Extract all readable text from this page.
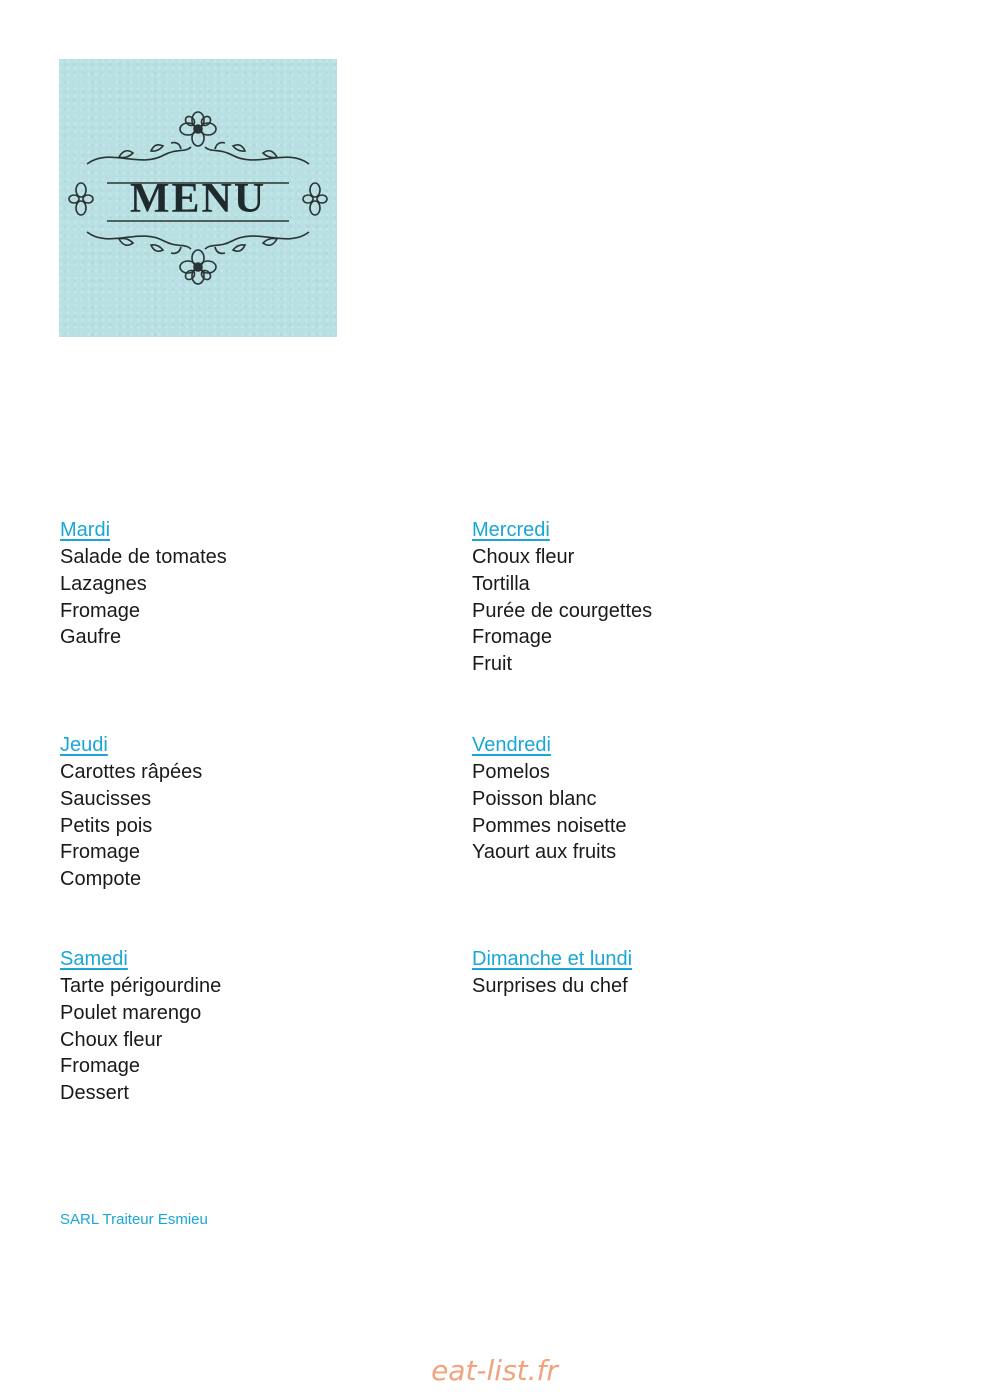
MENU
Mardi
Salade de tomates
Lazagnes
Fromage
Gaufre
Mercredi
Choux fleur
Tortilla
Purée de courgettes
Fromage
Fruit
Jeudi
Carottes râpées
Saucisses
Petits pois
Fromage
Compote
Vendredi
Pomelos
Poisson blanc
Pommes noisette
Yaourt aux fruits
Samedi
Tarte périgourdine
Poulet marengo
Choux fleur
Fromage
Dessert
Dimanche et lundi
Surprises du chef
SARL Traiteur Esmieu
eat-list.fr
